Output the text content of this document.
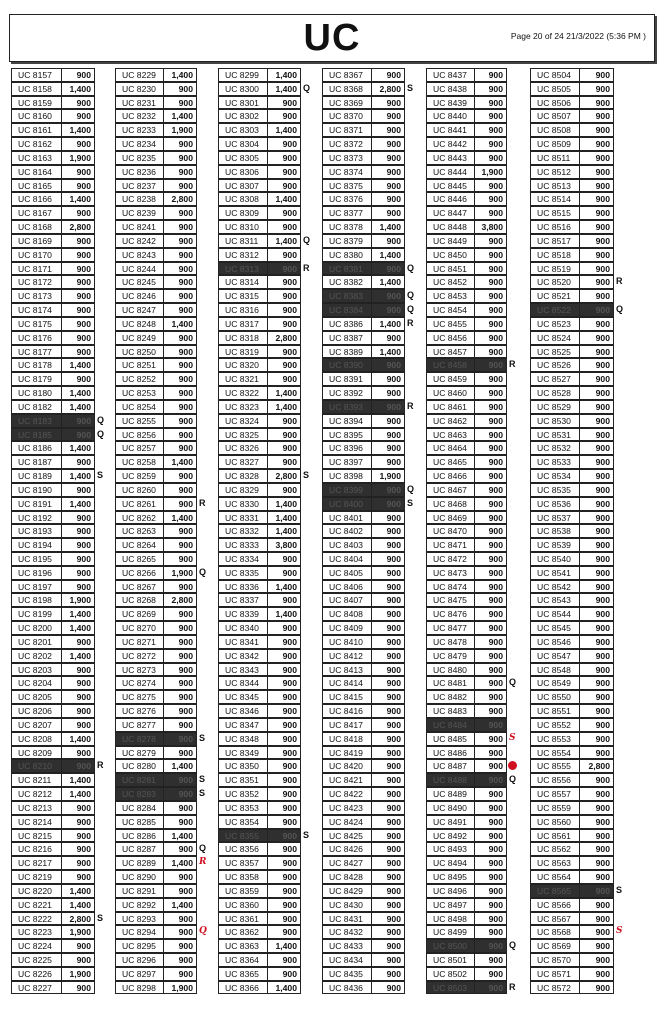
UC	Page 20 of 24 21/3/2022 (5:36 PM )
UC 8157	900
UC 8158 1,400
UC 8159	900
UC 8160	900
UC 8161 1,400
UC 8162	900
UC 8163 1,900
UC 8164	900
UC 8165	900
UC 8166 1,400
UC 8167	900
UC 8168 2,800
UC 8169	900
UC 8170	900
UC 8171	900
UC 8172	900
UC 8173	900
UC 8174	900
UC 8175	900
UC 8176	900
UC 8177	900
UC 8178 1,400
UC 8179	900
UC 8180 1,400
UC 8182 1,400
UC 8183	900 Q
UC 8185	900 Q
UC 8186 1,400
UC 8187	900
UC 8189 1,400 S
UC 8190	900
UC 8191 1,400
UC 8192	900
UC 8193	900
UC 8194	900
UC 8195	900
UC 8196	900
UC 8197	900
UC 8198 1,900
UC 8199 1,400
UC 8200 1,400
UC 8201	900
UC 8202 1,400
UC 8203	900
UC 8204	900
UC 8205	900
UC 8206	900
UC 8207	900
UC 8208 1,400
UC 8209	900
UC 8210	900 R
UC 8211 1,400
UC 8212 1,400
UC 8213	900
UC 8214	900
UC 8215	900
UC 8216	900
UC 8217	900
UC 8219	900
UC 8220 1,400
UC 8221 1,400
UC 8222 2,800 S
UC 8223 1,900
UC 8224	900
UC 8225	900
UC 8226 1,900
UC 8227	900
UC 8229 1,400
UC 8230	900
UC 8231	900
UC 8232 1,400
UC 8233 1,900
UC 8234	900
UC 8235	900
UC 8236	900
UC 8237	900
UC 8238 2,800
UC 8239	900
UC 8241	900
UC 8242	900
UC 8243	900
UC 8244	900
UC 8245	900
UC 8246	900
UC 8247	900
UC 8248 1,400
UC 8249	900
UC 8250	900
UC 8251	900
UC 8252	900
UC 8253	900
UC 8254	900
UC 8255	900
UC 8256	900
UC 8257	900
UC 8258 1,400
UC 8259	900
UC 8260	900
UC 8261	900 R
UC 8262 1,400
UC 8263	900
UC 8264	900
UC 8265	900
UC 8266 1,900 Q
UC 8267	900
UC 8268 2,800
UC 8269	900
UC 8270	900
UC 8271	900
UC 8272	900
UC 8273	900
UC 8274	900
UC 8275	900
UC 8276	900
UC 8277	900
UC 8278	900 S
UC 8279	900
UC 8280 1,400
UC 8281	900 S
UC 8283	900 S
UC 8284	900
UC 8285	900
UC 8286 1,400
UC 8287	900 Q
UC 8289 1,400 R
UC 8290	900
UC 8291	900
UC 8292 1,400
UC 8293	900
UC 8294	900 Q
UC 8295	900
UC 8296	900
UC 8297	900
UC 8298 1,900
UC 8299 1,400
UC 8300 1,400 Q
UC 8301	900
UC 8302	900
UC 8303 1,400
UC 8304	900
UC 8305	900
UC 8306	900
UC 8307	900
UC 8308 1,400
UC 8309	900
UC 8310	900
UC 8311 1,400 Q
UC 8312	900
UC 8313	900 R
UC 8314	900
UC 8315	900
UC 8316	900
UC 8317	900
UC 8318 2,800
UC 8319	900
UC 8320	900
UC 8321	900
UC 8322 1,400
UC 8323 1,400
UC 8324	900
UC 8325	900
UC 8326	900
UC 8327	900
UC 8328 2,800 S
UC 8329	900
UC 8330 1,400
UC 8331 1,400
UC 8332 1,400
UC 8333 3,800
UC 8334	900
UC 8335	900
UC 8336 1,400
UC 8337	900
UC 8339 1,400
UC 8340	900
UC 8341	900
UC 8342	900
UC 8343	900
UC 8344	900
UC 8345	900
UC 8346	900
UC 8347	900
UC 8348	900
UC 8349	900
UC 8350	900
UC 8351	900
UC 8352	900
UC 8353	900
UC 8354	900
UC 8355	900 S
UC 8356	900
UC 8357	900
UC 8358	900
UC 8359	900
UC 8360	900
UC 8361	900
UC 8362	900
UC 8363 1,400
UC 8364	900
UC 8365	900
UC 8366 1,400
UC 8367	900
UC 8368 2,800 S
UC 8369	900
UC 8370	900
UC 8371	900
UC 8372	900
UC 8373	900
UC 8374	900
UC 8375	900
UC 8376	900
UC 8377	900
UC 8378 1,400
UC 8379	900
UC 8380 1,400
UC 8381	900 Q
UC 8382 1,400
UC 8383	900 Q
UC 8384	900 Q
UC 8386 1,400 R
UC 8387	900
UC 8389 1,400
UC 8390	900
UC 8391	900
UC 8392	900
UC 8393	900 R
UC 8394	900
UC 8395	900
UC 8396	900
UC 8397	900
UC 8398 1,900
UC 8399	900 Q
UC 8400	900 S
UC 8401	900
UC 8402	900
UC 8403	900
UC 8404	900
UC 8405	900
UC 8406	900
UC 8407	900
UC 8408	900
UC 8409	900
UC 8410	900
UC 8412	900
UC 8413	900
UC 8414	900
UC 8415	900
UC 8416	900
UC 8417	900
UC 8418	900
UC 8419	900
UC 8420	900
UC 8421	900
UC 8422	900
UC 8423	900
UC 8424	900
UC 8425	900
UC 8426	900
UC 8427	900
UC 8428	900
UC 8429	900
UC 8430	900
UC 8431	900
UC 8432	900
UC 8433	900
UC 8434	900
UC 8435	900
UC 8436	900
UC 8437	900
UC 8438	900
UC 8439	900
UC 8440	900
UC 8441	900
UC 8442	900
UC 8443	900
UC 8444 1,900
UC 8445	900
UC 8446	900
UC 8447	900
UC 8448 3,800
UC 8449	900
UC 8450	900
UC 8451	900
UC 8452	900
UC 8453	900
UC 8454	900
UC 8455	900
UC 8456	900
UC 8457	900
UC 8458	900 R
UC 8459	900
UC 8460	900
UC 8461	900
UC 8462	900
UC 8463	900
UC 8464	900
UC 8465	900
UC 8466	900
UC 8467	900
UC 8468	900
UC 8469	900
UC 8470	900
UC 8471	900
UC 8472	900
UC 8473	900
UC 8474	900
UC 8475	900
UC 8476	900
UC 8477	900
UC 8478	900
UC 8479	900
UC 8480	900
UC 8481	900 Q
UC 8482	900
UC 8483	900
UC 8484	900
UC 8485	900 S
UC 8486	900
UC 8487	900
UC 8488	900 Q
UC 8489	900
UC 8490	900
UC 8491	900
UC 8492	900
UC 8493	900
UC 8494	900
UC 8495	900
UC 8496	900
UC 8497	900
UC 8498	900
UC 8499	900
UC 8500	900 Q
UC 8501	900
UC 8502	900
UC 8503	900 R
UC 8504	900
UC 8505	900
UC 8506	900
UC 8507	900
UC 8508	900
UC 8509	900
UC 8511	900
UC 8512	900
UC 8513	900
UC 8514	900
UC 8515	900
UC 8516	900
UC 8517	900
UC 8518	900
UC 8519	900
UC 8520	900 R
UC 8521	900
UC 8522	900 Q
UC 8523	900
UC 8524	900
UC 8525	900
UC 8526	900
UC 8527	900
UC 8528	900
UC 8529	900
UC 8530	900
UC 8531	900
UC 8532	900
UC 8533	900
UC 8534	900
UC 8535	900
UC 8536	900
UC 8537	900
UC 8538	900
UC 8539	900
UC 8540	900
UC 8541	900
UC 8542	900
UC 8543	900
UC 8544	900
UC 8545	900
UC 8546	900
UC 8547	900
UC 8548	900
UC 8549	900
UC 8550	900
UC 8551	900
UC 8552	900
UC 8553	900
UC 8554	900
UC 8555 2,800
UC 8556	900
UC 8557	900
UC 8559	900
UC 8560	900
UC 8561	900
UC 8562	900
UC 8563	900
UC 8564	900
UC 8565	900 S
UC 8566	900
UC 8567	900
UC 8568	900 S
UC 8569	900
UC 8570	900
UC 8571	900
UC 8572	900
